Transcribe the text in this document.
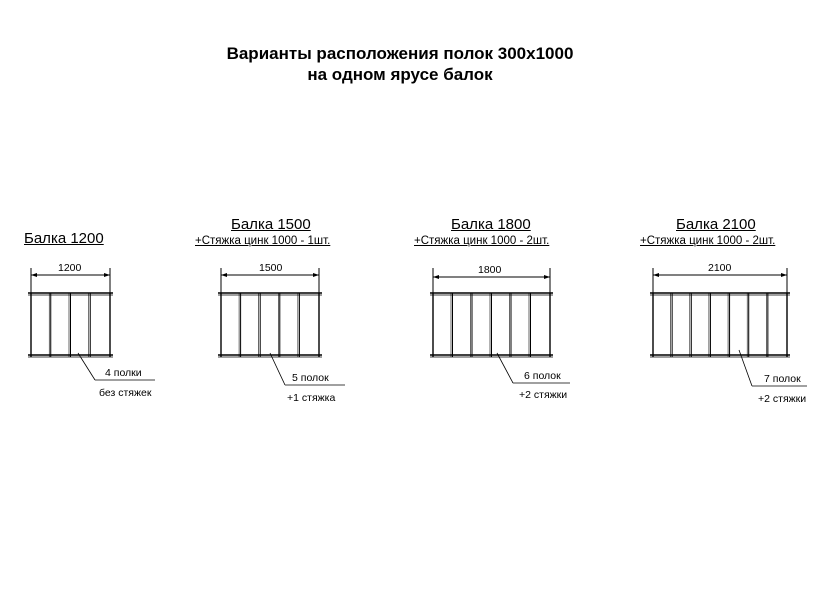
Варианты расположения полок 300х1000
на одном ярусе балок
Балка 1200
1200
4 полки
без стяжек
Балка 1500
+Стяжка цинк 1000 - 1шт.
1500
5 полок
+1 стяжка
Балка 1800
+Стяжка цинк 1000 - 2шт.
1800
6 полок
+2 стяжки
Балка 2100
+Стяжка цинк 1000 - 2шт.
2100
7 полок
+2 стяжки
